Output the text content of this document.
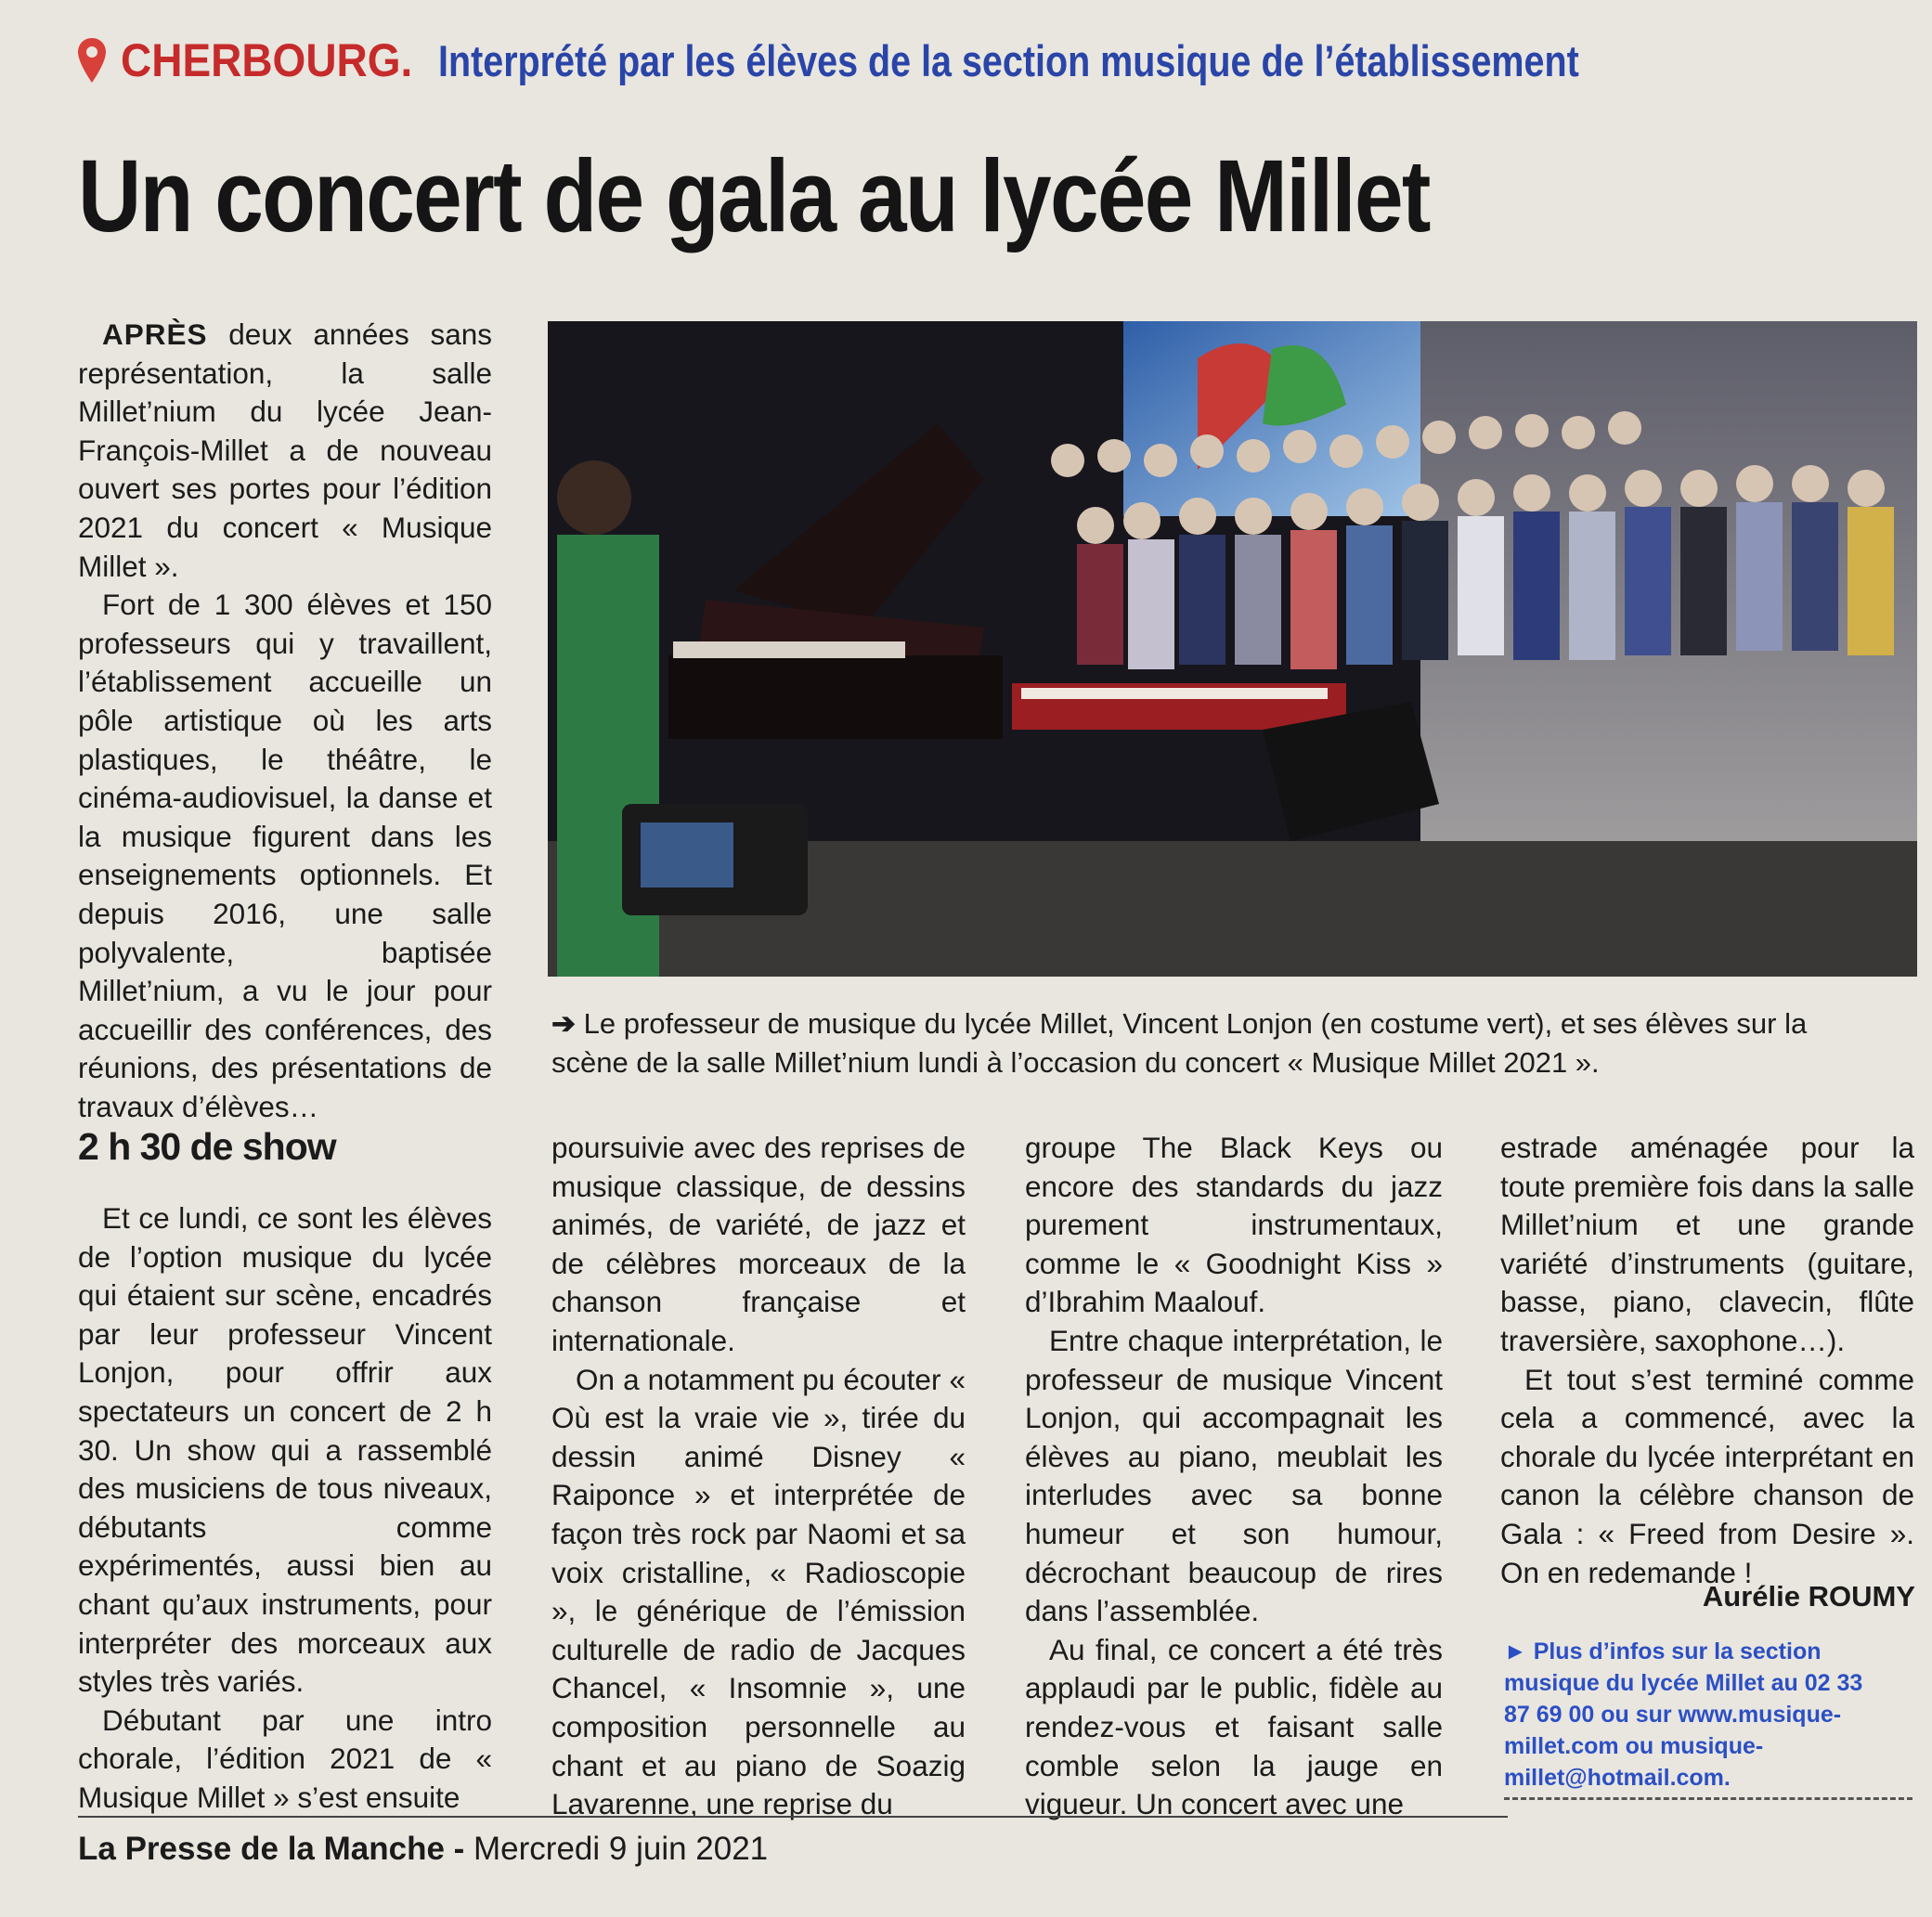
CHERBOURG. Interprété par les élèves de la section musique de l’établissement
Un concert de gala au lycée Millet

APRÈS deux années sans représentation, la salle Millet’nium du lycée Jean-François-Millet a de nouveau ouvert ses portes pour l’édition 2021 du concert « Musique Millet ».

Fort de 1 300 élèves et 150 professeurs qui y travaillent, l’établissement accueille un pôle artistique où les arts plastiques, le théâtre, le cinéma-audiovisuel, la danse et la musique figurent dans les enseignements optionnels. Et depuis 2016, une salle polyvalente, baptisée Millet’nium, a vu le jour pour accueillir des conférences, des réunions, des présentations de travaux d’élèves…

2 h 30 de show

Et ce lundi, ce sont les élèves de l’option musique du lycée qui étaient sur scène, encadrés par leur professeur Vincent Lonjon, pour offrir aux spectateurs un concert de 2 h 30. Un show qui a rassemblé des musiciens de tous niveaux, débutants comme expérimentés, aussi bien au chant qu’aux instruments, pour interpréter des morceaux aux styles très variés.

Débutant par une intro chorale, l’édition 2021 de « Musique Millet » s’est ensuite

➔ Le professeur de musique du lycée Millet, Vincent Lonjon (en costume vert), et ses élèves sur la scène de la salle Millet’nium lundi à l’occasion du concert « Musique Millet 2021 ».

poursuivie avec des reprises de musique classique, de dessins animés, de variété, de jazz et de célèbres morceaux de la chanson française et internationale.

On a notamment pu écouter « Où est la vraie vie », tirée du dessin animé Disney « Raiponce » et interprétée de façon très rock par Naomi et sa voix cristalline, « Radioscopie », le générique de l’émission culturelle de radio de Jacques Chancel, « Insomnie », une composition personnelle au chant et au piano de Soazig Lavarenne, une reprise du

groupe The Black Keys ou encore des standards du jazz purement instrumentaux, comme le « Goodnight Kiss » d’Ibrahim Maalouf.

Entre chaque interprétation, le professeur de musique Vincent Lonjon, qui accompagnait les élèves au piano, meublait les interludes avec sa bonne humeur et son humour, décrochant beaucoup de rires dans l’assemblée.

Au final, ce concert a été très applaudi par le public, fidèle au rendez-vous et faisant salle comble selon la jauge en vigueur. Un concert avec une

estrade aménagée pour la toute première fois dans la salle Millet’nium et une grande variété d’instruments (guitare, basse, piano, clavecin, flûte traversière, saxophone…).

Et tout s’est terminé comme cela a commencé, avec la chorale du lycée interprétant en canon la célèbre chanson de Gala : « Freed from Desire ». On en redemande !

Aurélie ROUMY
► Plus d’infos sur la section musique du lycée Millet au 02 33 87 69 00 ou sur www.musique-millet.com ou musique-millet@hotmail.com.
La Presse de la Manche - Mercredi 9 juin 2021
